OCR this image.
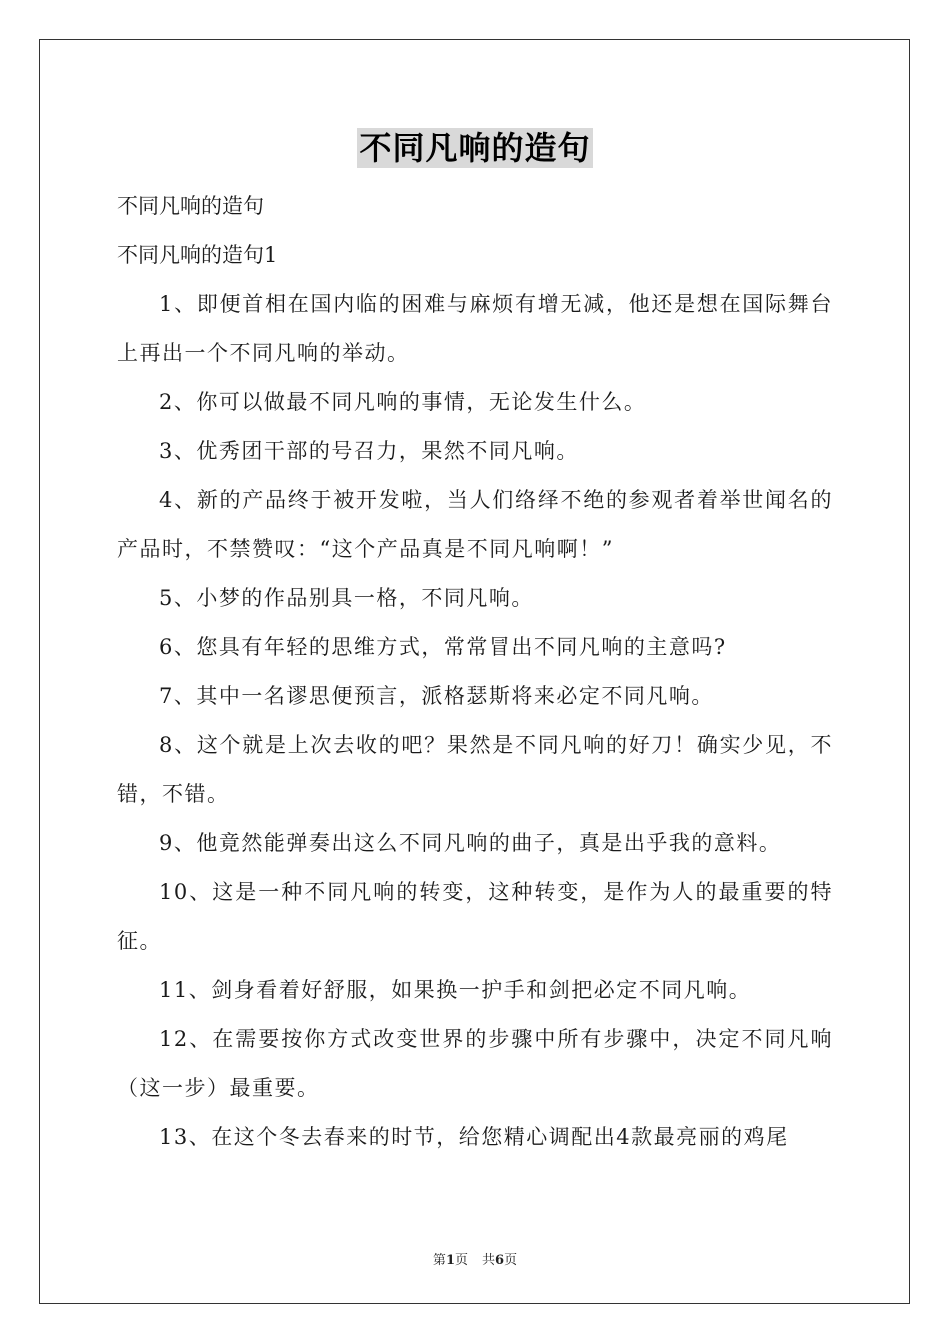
不同凡响的造句

不同凡响的造句

不同凡响的造句1

1、即便首相在国内临的困难与麻烦有增无减，他还是想在国际舞台上再出一个不同凡响的举动。

2、你可以做最不同凡响的事情，无论发生什么。

3、优秀团干部的号召力，果然不同凡响。

4、新的产品终于被开发啦，当人们络绎不绝的参观者着举世闻名的产品时，不禁赞叹：“这个产品真是不同凡响啊！”

5、小梦的作品别具一格，不同凡响。

6、您具有年轻的思维方式，常常冒出不同凡响的主意吗?

7、其中一名谬思便预言，派格瑟斯将来必定不同凡响。

8、这个就是上次去收的吧？果然是不同凡响的好刀！确实少见，不错，不错。

9、他竟然能弹奏出这么不同凡响的曲子，真是出乎我的意料。

10、这是一种不同凡响的转变，这种转变，是作为人的最重要的特征。

11、剑身看着好舒服，如果换一护手和剑把必定不同凡响。

12、在需要按你方式改变世界的步骤中所有步骤中，决定不同凡响（这一步）最重要。

13、在这个冬去春来的时节，给您精心调配出4款最亮丽的鸡尾

第1页 共6页
